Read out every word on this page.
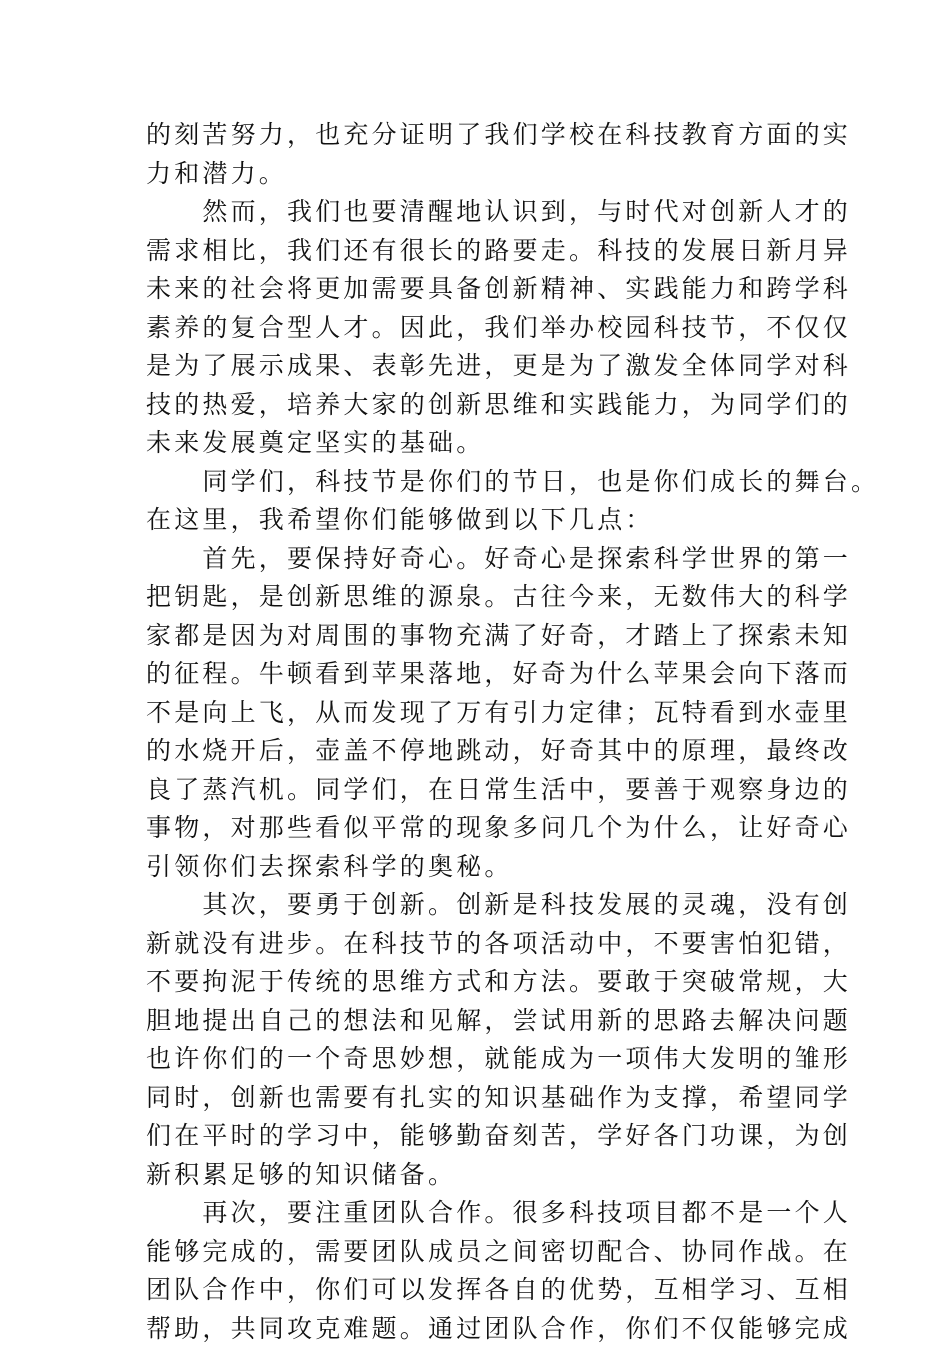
的刻苦努力，也充分证明了我们学校在科技教育方面的实
力和潜力。
　　然而，我们也要清醒地认识到，与时代对创新人才的
需求相比，我们还有很长的路要走。科技的发展日新月异
未来的社会将更加需要具备创新精神、实践能力和跨学科
素养的复合型人才。因此，我们举办校园科技节，不仅仅
是为了展示成果、表彰先进，更是为了激发全体同学对科
技的热爱，培养大家的创新思维和实践能力，为同学们的
未来发展奠定坚实的基础。
　　同学们，科技节是你们的节日，也是你们成长的舞台。
在这里，我希望你们能够做到以下几点：
　　首先，要保持好奇心。好奇心是探索科学世界的第一
把钥匙，是创新思维的源泉。古往今来，无数伟大的科学
家都是因为对周围的事物充满了好奇，才踏上了探索未知
的征程。牛顿看到苹果落地，好奇为什么苹果会向下落而
不是向上飞，从而发现了万有引力定律；瓦特看到水壶里
的水烧开后，壶盖不停地跳动，好奇其中的原理，最终改
良了蒸汽机。同学们，在日常生活中，要善于观察身边的
事物，对那些看似平常的现象多问几个为什么，让好奇心
引领你们去探索科学的奥秘。
　　其次，要勇于创新。创新是科技发展的灵魂，没有创
新就没有进步。在科技节的各项活动中，不要害怕犯错，
不要拘泥于传统的思维方式和方法。要敢于突破常规，大
胆地提出自己的想法和见解，尝试用新的思路去解决问题
也许你们的一个奇思妙想，就能成为一项伟大发明的雏形
同时，创新也需要有扎实的知识基础作为支撑，希望同学
们在平时的学习中，能够勤奋刻苦，学好各门功课，为创
新积累足够的知识储备。
　　再次，要注重团队合作。很多科技项目都不是一个人
能够完成的，需要团队成员之间密切配合、协同作战。在
团队合作中，你们可以发挥各自的优势，互相学习、互相
帮助，共同攻克难题。通过团队合作，你们不仅能够完成
